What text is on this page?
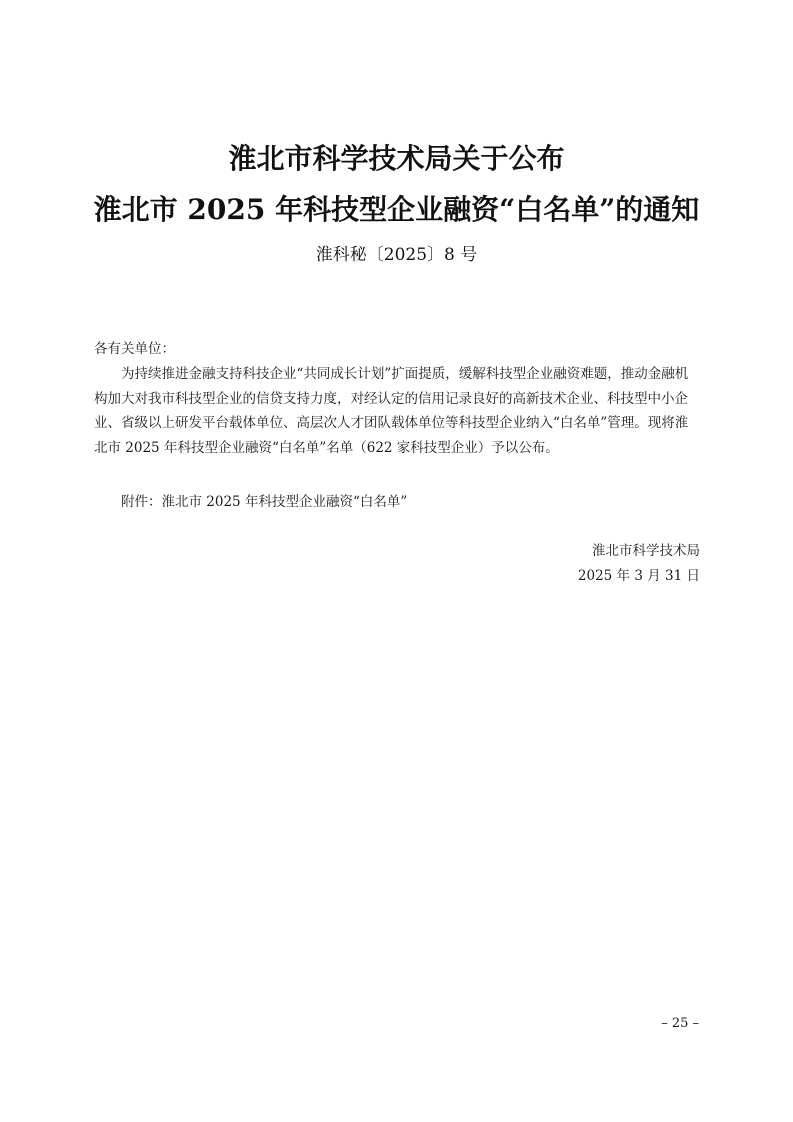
淮北市科学技术局关于公布
淮北市 2025 年科技型企业融资“白名单”的通知
淮科秘〔2025〕8 号
各有关单位：
为持续推进金融支持科技企业“共同成长计划”扩面提质，缓解科技型企业融资难题，推动金融机
构加大对我市科技型企业的信贷支持力度，对经认定的信用记录良好的高新技术企业、科技型中小企
业、省级以上研发平台载体单位、高层次人才团队载体单位等科技型企业纳入“白名单”管理。现将淮
北市 2025 年科技型企业融资“白名单”名单（622 家科技型企业）予以公布。
附件：淮北市 2025 年科技型企业融资“白名单”
淮北市科学技术局
2025 年 3 月 31 日
– 25 –
